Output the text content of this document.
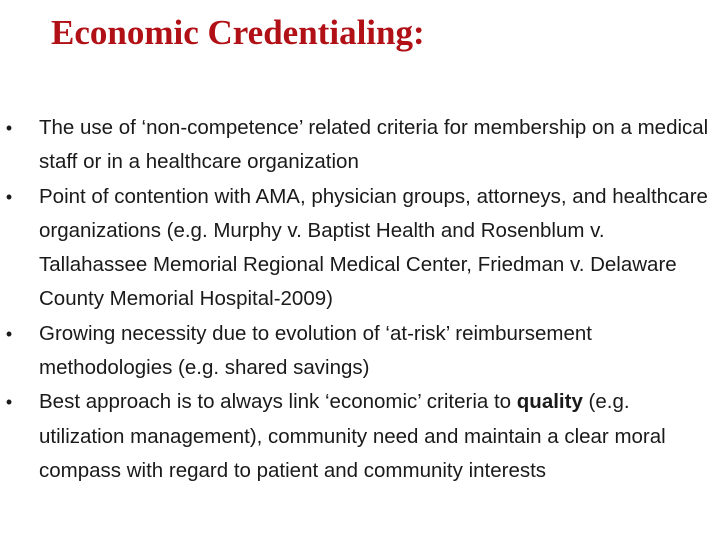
Economic Credentialing:
• The use of ‘non-competence’ related criteria for membership on a medical staff or in a healthcare organization
• Point of contention with AMA, physician groups, attorneys, and healthcare organizations (e.g. Murphy v. Baptist Health and Rosenblum v. Tallahassee Memorial Regional Medical Center, Friedman v. Delaware County Memorial Hospital-2009)
• Growing necessity due to evolution of ‘at-risk’ reimbursement methodologies (e.g. shared savings)
• Best approach is to always link ‘economic’ criteria to quality (e.g. utilization management), community need and maintain a clear moral compass with regard to patient and community interests
